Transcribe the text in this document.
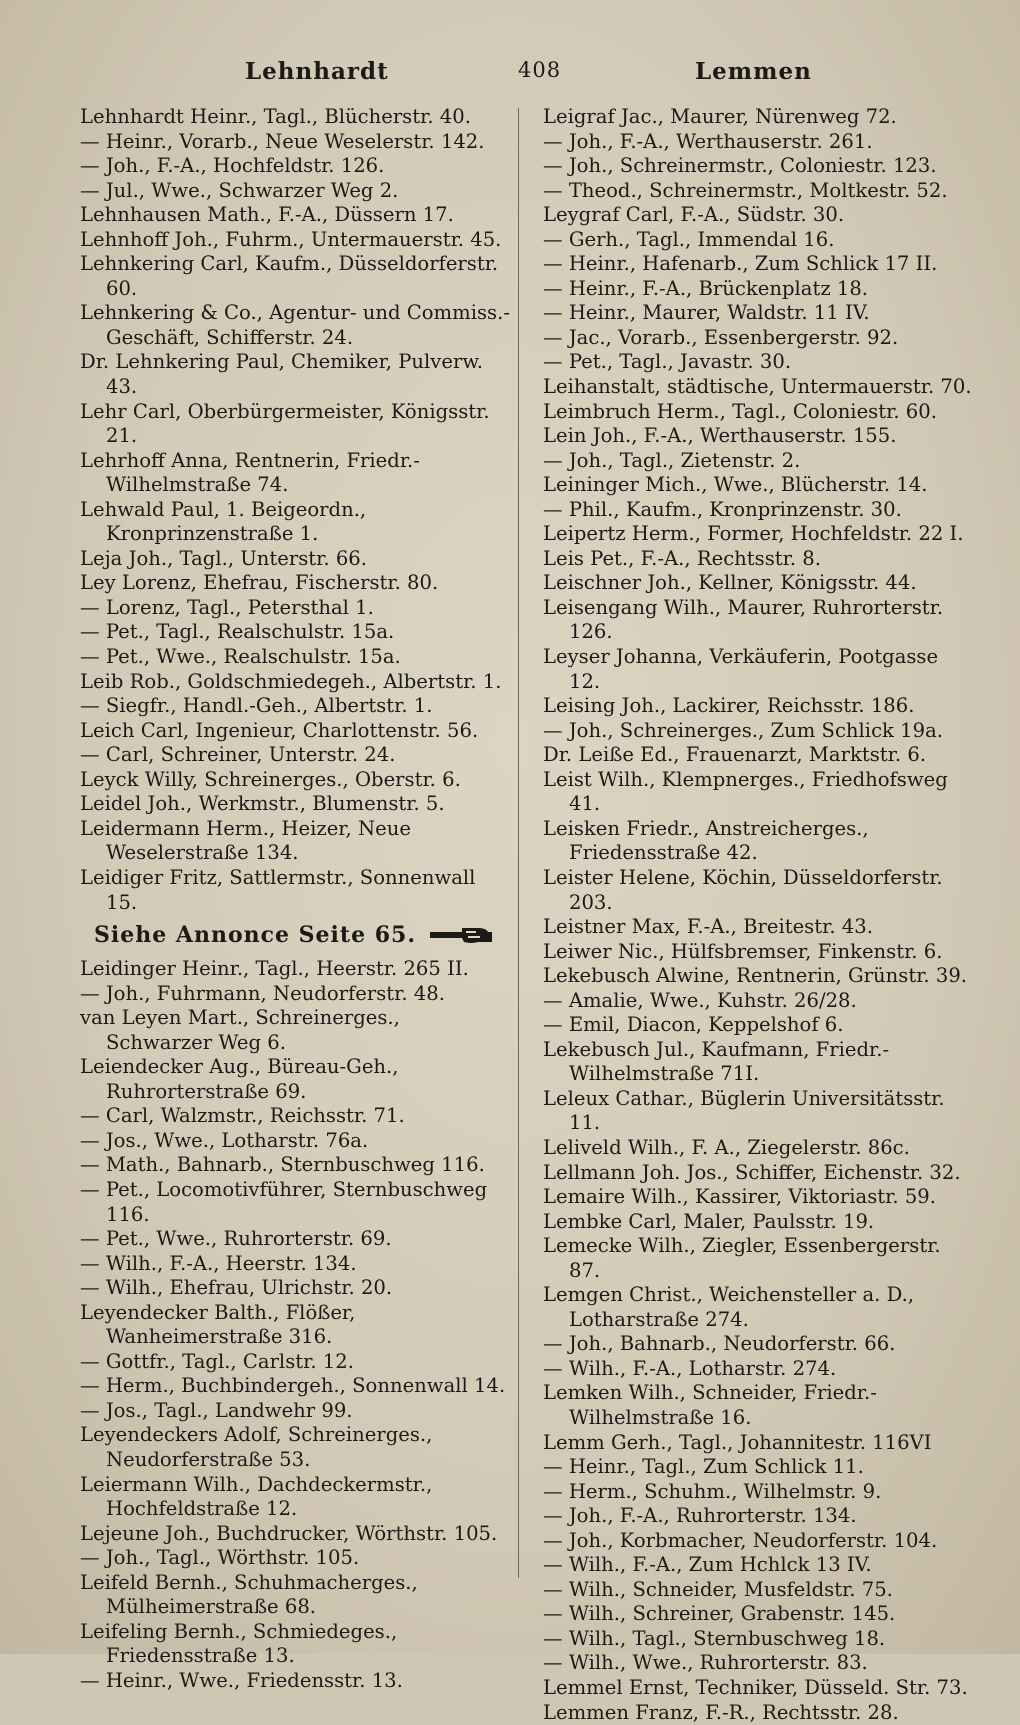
Lehnhardt	408	Lemmen
Lehnhardt Heinr., Tagl., Blücherstr. 40.
— Heinr., Vorarb., Neue Weselerstr. 142.
— Joh., F.-A., Hochfeldstr. 126.
— Jul., Wwe., Schwarzer Weg 2.
Lehnhausen Math., F.-A., Düssern 17.
Lehnhoff Joh., Fuhrm., Untermauerstr. 45.
Lehnkering Carl, Kaufm., Düsseldorferstr. 60.
Lehnkering & Co., Agentur- und Commiss.-Geschäft, Schifferstr. 24.
Dr. Lehnkering Paul, Chemiker, Pulverw. 43.
Lehr Carl, Oberbürgermeister, Königsstr. 21.
Lehrhoff Anna, Rentnerin, Friedr.-Wilhelmstraße 74.
Lehwald Paul, 1. Beigeordn., Kronprinzenstraße 1.
Leja Joh., Tagl., Unterstr. 66.
Ley Lorenz, Ehefrau, Fischerstr. 80.
— Lorenz, Tagl., Petersthal 1.
— Pet., Tagl., Realschulstr. 15a.
— Pet., Wwe., Realschulstr. 15a.
Leib Rob., Goldschmiedegeh., Albertstr. 1.
— Siegfr., Handl.-Geh., Albertstr. 1.
Leich Carl, Ingenieur, Charlottenstr. 56.
— Carl, Schreiner, Unterstr. 24.
Leyck Willy, Schreinerges., Oberstr. 6.
Leidel Joh., Werkmstr., Blumenstr. 5.
Leidermann Herm., Heizer, Neue Weselerstraße 134.
Leidiger Fritz, Sattlermstr., Sonnenwall 15.
Siehe Annonce Seite 65.
Leidinger Heinr., Tagl., Heerstr. 265 II.
— Joh., Fuhrmann, Neudorferstr. 48.
van Leyen Mart., Schreinerges., Schwarzer Weg 6.
Leiendecker Aug., Büreau-Geh., Ruhrorterstraße 69.
— Carl, Walzmstr., Reichsstr. 71.
— Jos., Wwe., Lotharstr. 76a.
— Math., Bahnarb., Sternbuschweg 116.
— Pet., Locomotivführer, Sternbuschweg 116.
— Pet., Wwe., Ruhrorterstr. 69.
— Wilh., F.-A., Heerstr. 134.
— Wilh., Ehefrau, Ulrichstr. 20.
Leyendecker Balth., Flößer, Wanheimerstraße 316.
— Gottfr., Tagl., Carlstr. 12.
— Herm., Buchbindergeh., Sonnenwall 14.
— Jos., Tagl., Landwehr 99.
Leyendeckers Adolf, Schreinerges., Neudorferstraße 53.
Leiermann Wilh., Dachdeckermstr., Hochfeldstraße 12.
Lejeune Joh., Buchdrucker, Wörthstr. 105.
— Joh., Tagl., Wörthstr. 105.
Leifeld Bernh., Schuhmacherges., Mülheimerstraße 68.
Leifeling Bernh., Schmiedeges., Friedensstraße 13.
— Heinr., Wwe., Friedensstr. 13.
Leigraf Jac., Maurer, Nürenweg 72.
— Joh., F.-A., Werthauserstr. 261.
— Joh., Schreinermstr., Coloniestr. 123.
— Theod., Schreinermstr., Moltkestr. 52.
Leygraf Carl, F.-A., Südstr. 30.
— Gerh., Tagl., Immendal 16.
— Heinr., Hafenarb., Zum Schlick 17 II.
— Heinr., F.-A., Brückenplatz 18.
— Heinr., Maurer, Waldstr. 11 IV.
— Jac., Vorarb., Essenbergerstr. 92.
— Pet., Tagl., Javastr. 30.
Leihanstalt, städtische, Untermauerstr. 70.
Leimbruch Herm., Tagl., Coloniestr. 60.
Lein Joh., F.-A., Werthauserstr. 155.
— Joh., Tagl., Zietenstr. 2.
Leininger Mich., Wwe., Blücherstr. 14.
— Phil., Kaufm., Kronprinzenstr. 30.
Leipertz Herm., Former, Hochfeldstr. 22 I.
Leis Pet., F.-A., Rechtsstr. 8.
Leischner Joh., Kellner, Königsstr. 44.
Leisengang Wilh., Maurer, Ruhrorterstr. 126.
Leyser Johanna, Verkäuferin, Pootgasse 12.
Leising Joh., Lackirer, Reichsstr. 186.
— Joh., Schreinerges., Zum Schlick 19a.
Dr. Leiße Ed., Frauenarzt, Marktstr. 6.
Leist Wilh., Klempnerges., Friedhofsweg 41.
Leisken Friedr., Anstreicherges., Friedensstraße 42.
Leister Helene, Köchin, Düsseldorferstr. 203.
Leistner Max, F.-A., Breitestr. 43.
Leiwer Nic., Hülfsbremser, Finkenstr. 6.
Lekebusch Alwine, Rentnerin, Grünstr. 39.
— Amalie, Wwe., Kuhstr. 26/28.
— Emil, Diacon, Keppelshof 6.
Lekebusch Jul., Kaufmann, Friedr.-Wilhelmstraße 71I.
Leleux Cathar., Büglerin Universitätsstr. 11.
Leliveld Wilh., F. A., Ziegelerstr. 86c.
Lellmann Joh. Jos., Schiffer, Eichenstr. 32.
Lemaire Wilh., Kassirer, Viktoriastr. 59.
Lembke Carl, Maler, Paulsstr. 19.
Lemecke Wilh., Ziegler, Essenbergerstr. 87.
Lemgen Christ., Weichensteller a. D., Lotharstraße 274.
— Joh., Bahnarb., Neudorferstr. 66.
— Wilh., F.-A., Lotharstr. 274.
Lemken Wilh., Schneider, Friedr.-Wilhelmstraße 16.
Lemm Gerh., Tagl., Johannitestr. 116VI
— Heinr., Tagl., Zum Schlick 11.
— Herm., Schuhm., Wilhelmstr. 9.
— Joh., F.-A., Ruhrorterstr. 134.
— Joh., Korbmacher, Neudorferstr. 104.
— Wilh., F.-A., Zum Hchlck 13 IV.
— Wilh., Schneider, Musfeldstr. 75.
— Wilh., Schreiner, Grabenstr. 145.
— Wilh., Tagl., Sternbuschweg 18.
— Wilh., Wwe., Ruhrorterstr. 83.
Lemmel Ernst, Techniker, Düsseld. Str. 73.
Lemmen Franz, F.-R., Rechtsstr. 28.
